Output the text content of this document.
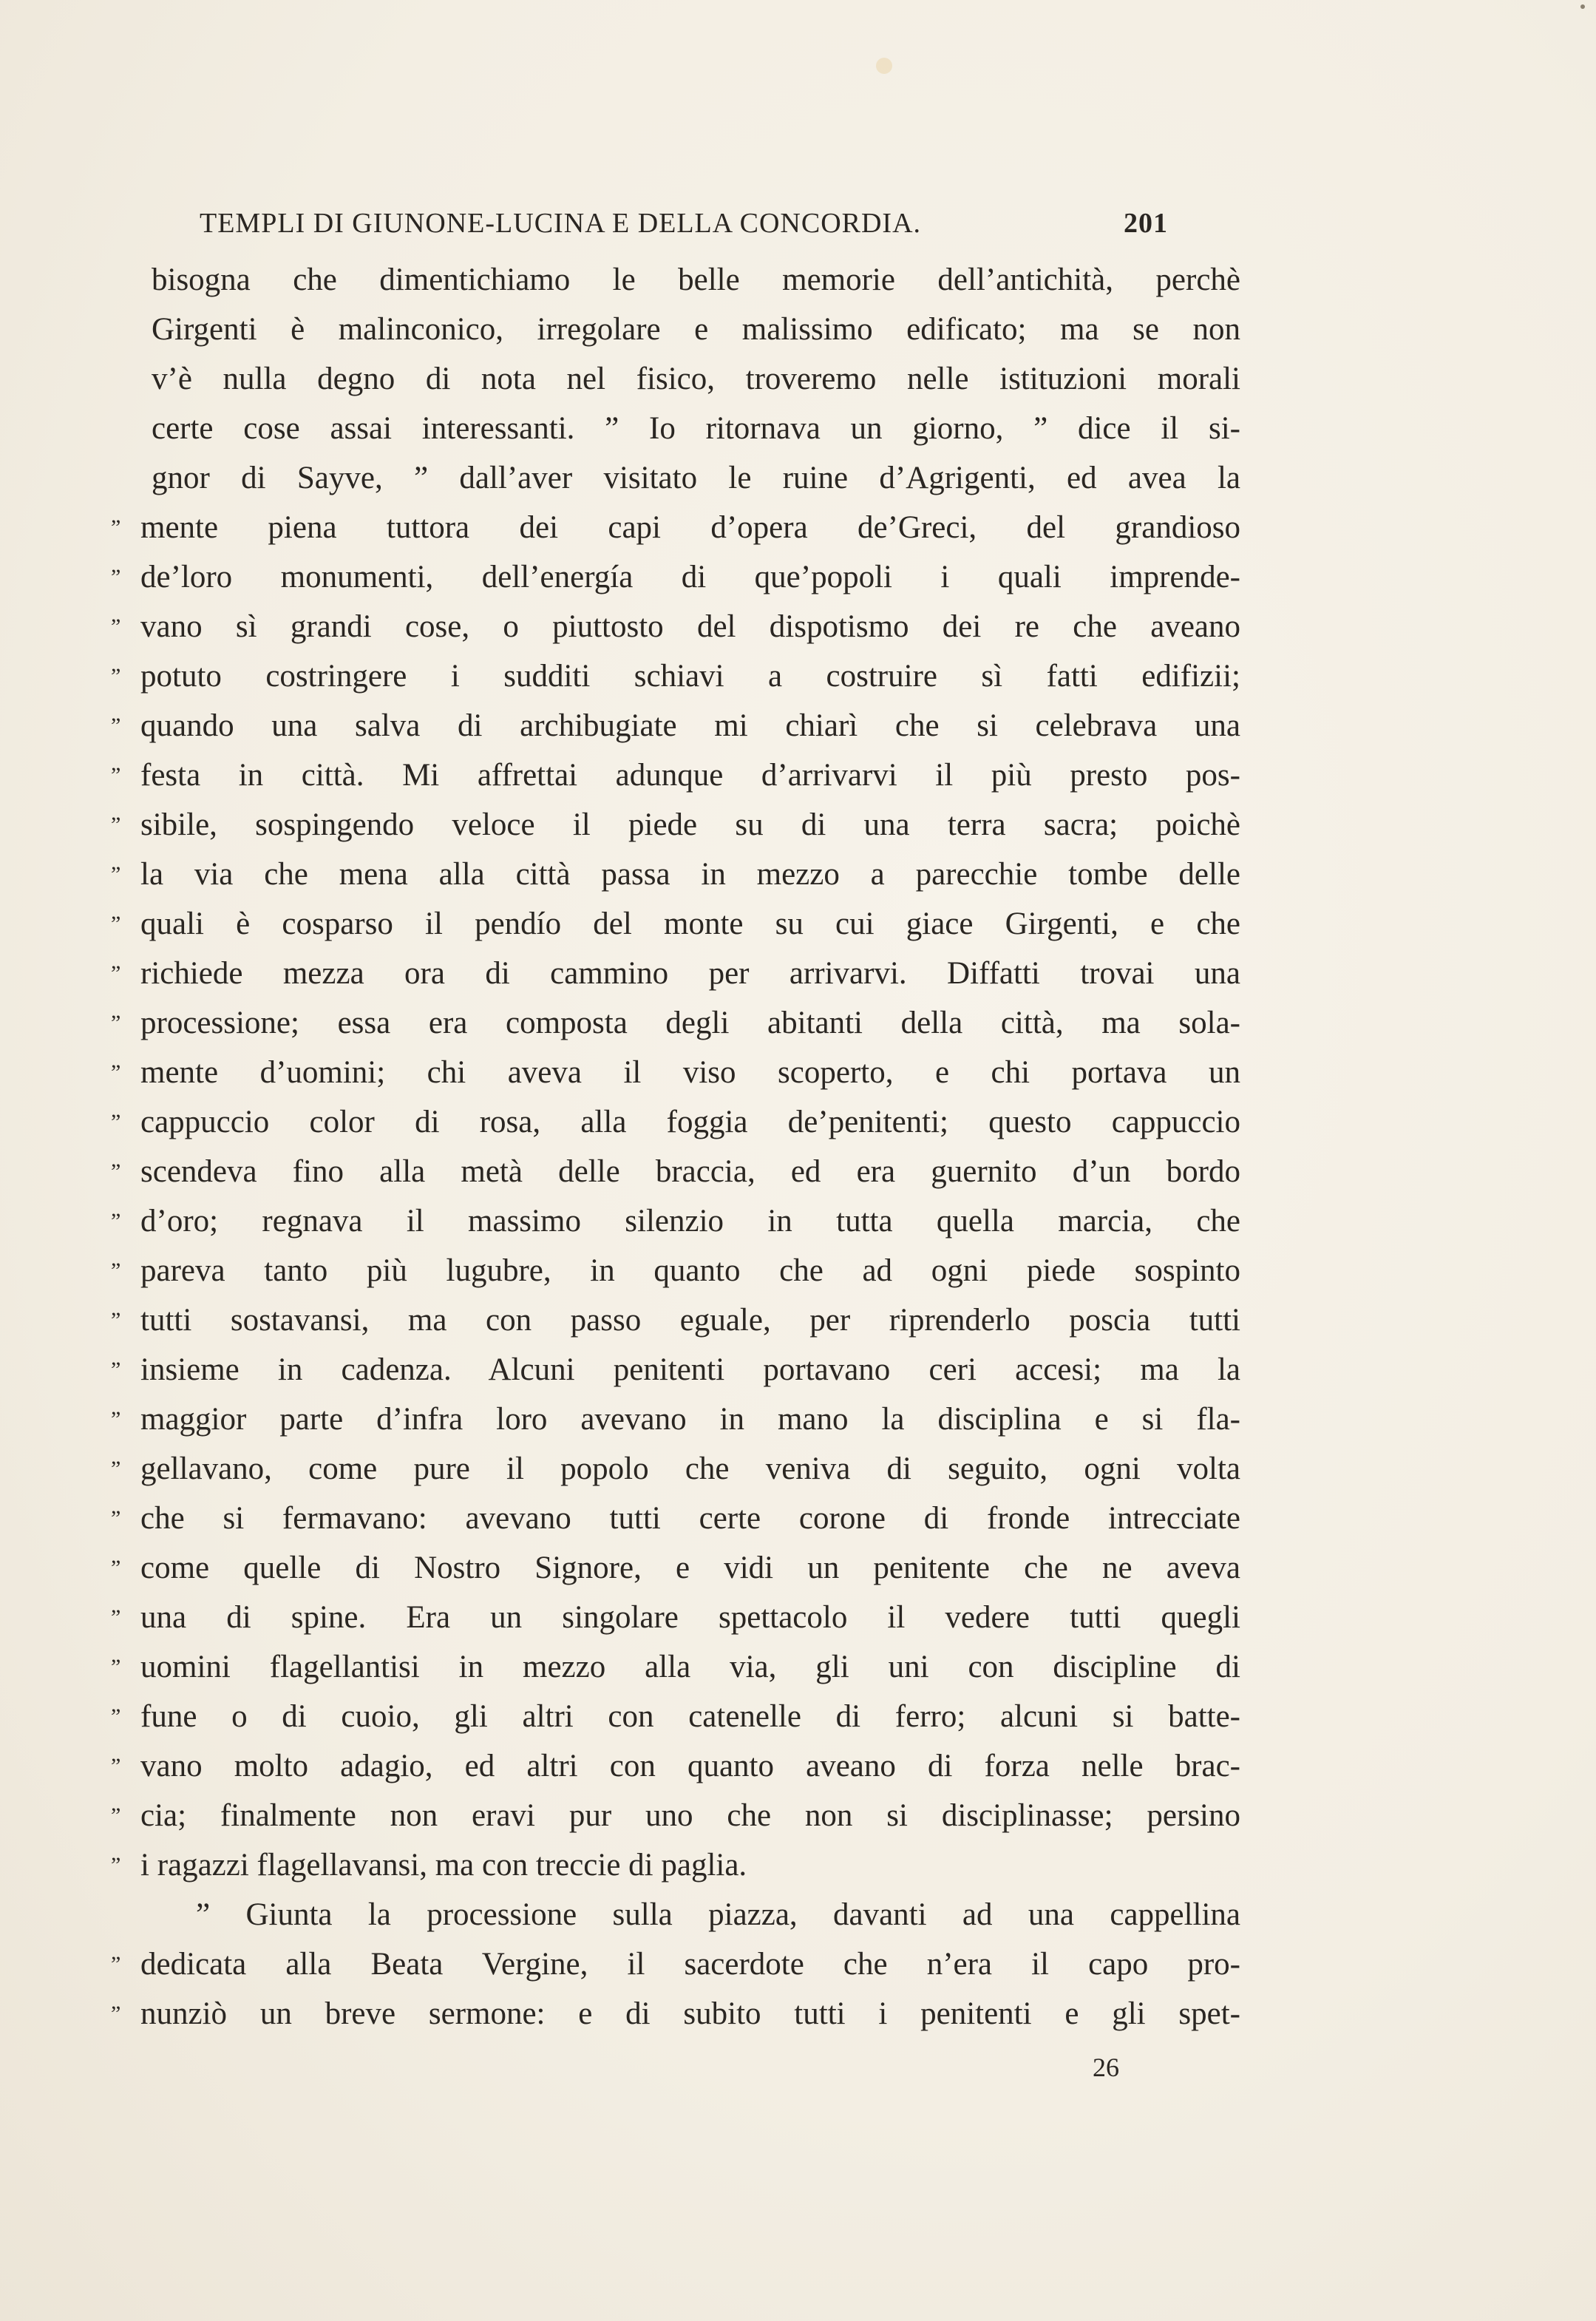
TEMPLI DI GIUNONE-LUCINA E DELLA CONCORDIA.	201
bisogna che dimentichiamo le belle memorie dell’antichità, perchè
Girgenti è malinconico, irregolare e malissimo edificato; ma se non
v’è nulla degno di nota nel fisico, troveremo nelle istituzioni morali
certe cose assai interessanti. ” Io ritornava un giorno, ” dice il si-
gnor di Sayve, ” dall’aver visitato le ruine d’Agrigenti, ed avea la
” mente piena tuttora dei capi d’opera de’Greci, del grandioso
” de’loro monumenti, dell’energía di que’popoli i quali imprende-
” vano sì grandi cose, o piuttosto del dispotismo dei re che aveano
” potuto costringere i sudditi schiavi a costruire sì fatti edifizii;
” quando una salva di archibugiate mi chiarì che si celebrava una
” festa in città. Mi affrettai adunque d’arrivarvi il più presto pos-
” sibile, sospingendo veloce il piede su di una terra sacra; poichè
” la via che mena alla città passa in mezzo a parecchie tombe delle
” quali è cosparso il pendío del monte su cui giace Girgenti, e che
” richiede mezza ora di cammino per arrivarvi. Diffatti trovai una
” processione; essa era composta degli abitanti della città, ma sola-
” mente d’uomini; chi aveva il viso scoperto, e chi portava un
” cappuccio color di rosa, alla foggia de’penitenti; questo cappuccio
” scendeva fino alla metà delle braccia, ed era guernito d’un bordo
” d’oro; regnava il massimo silenzio in tutta quella marcia, che
” pareva tanto più lugubre, in quanto che ad ogni piede sospinto
” tutti sostavansi, ma con passo eguale, per riprenderlo poscia tutti
” insieme in cadenza. Alcuni penitenti portavano ceri accesi; ma la
” maggior parte d’infra loro avevano in mano la disciplina e si fla-
” gellavano, come pure il popolo che veniva di seguito, ogni volta
” che si fermavano: avevano tutti certe corone di fronde intrecciate
” come quelle di Nostro Signore, e vidi un penitente che ne aveva
” una di spine. Era un singolare spettacolo il vedere tutti quegli
” uomini flagellantisi in mezzo alla via, gli uni con discipline di
” fune o di cuoio, gli altri con catenelle di ferro; alcuni si batte-
” vano molto adagio, ed altri con quanto aveano di forza nelle brac-
” cia; finalmente non eravi pur uno che non si disciplinasse; persino
” i ragazzi flagellavansi, ma con treccie di paglia.
” Giunta la processione sulla piazza, davanti ad una cappellina
” dedicata alla Beata Vergine, il sacerdote che n’era il capo pro-
” nunziò un breve sermone: e di subito tutti i penitenti e gli spet-
26
